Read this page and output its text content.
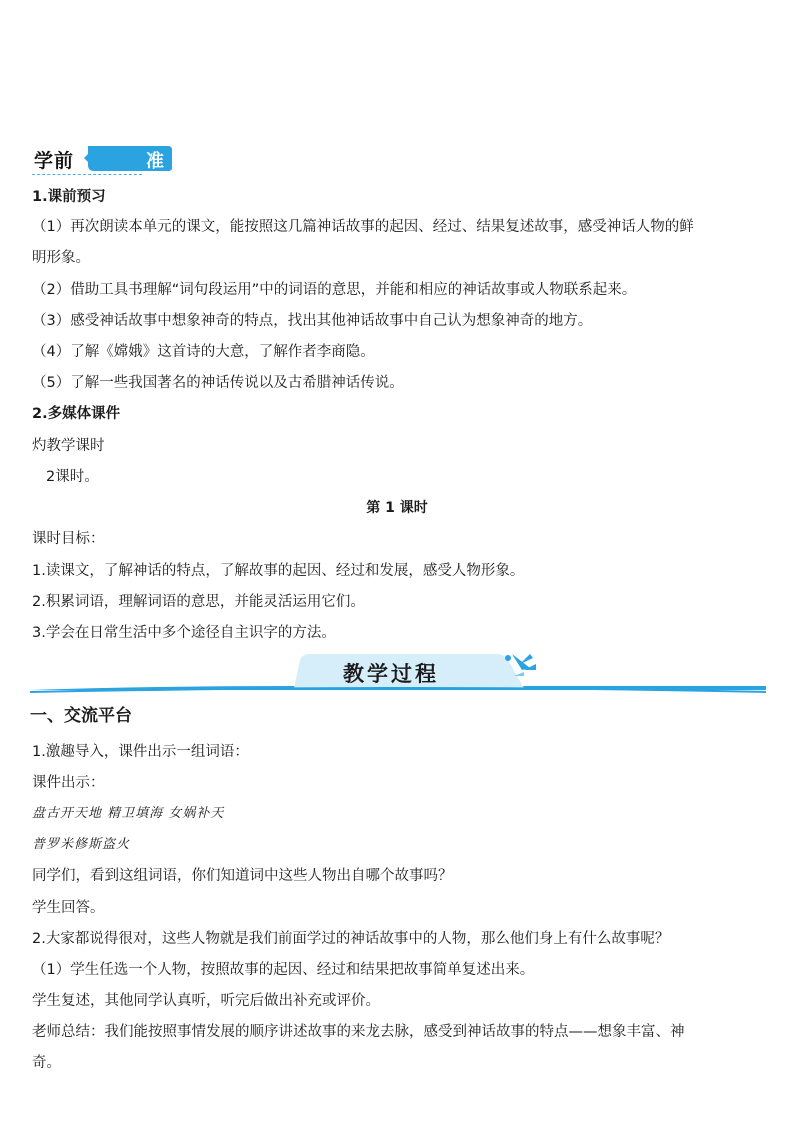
学前	准备
1.课前预习
（1）再次朗读本单元的课文，能按照这几篇神话故事的起因、经过、结果复述故事，感受神话人物的鲜
明形象。
（2）借助工具书理解“词句段运用”中的词语的意思，并能和相应的神话故事或人物联系起来。
（3）感受神话故事中想象神奇的特点，找出其他神话故事中自己认为想象神奇的地方。
（4）了解《嫦娥》这首诗的大意，了解作者李商隐。
（5）了解一些我国著名的神话传说以及古希腊神话传说。
2.多媒体课件
灼教学课时
2课时。
第 1 课时
课时目标：
1.读课文，了解神话的特点，了解故事的起因、经过和发展，感受人物形象。
2.积累词语，理解词语的意思，并能灵活运用它们。
3.学会在日常生活中多个途径自主识字的方法。
教学过程
一、交流平台
1.激趣导入，课件出示一组词语：
课件出示：
盘古开天地 精卫填海 女娲补天
普罗米修斯盗火
同学们，看到这组词语，你们知道词中这些人物出自哪个故事吗？
学生回答。
2.大家都说得很对，这些人物就是我们前面学过的神话故事中的人物，那么他们身上有什么故事呢？
（1）学生任选一个人物，按照故事的起因、经过和结果把故事简单复述出来。
学生复述，其他同学认真听，听完后做出补充或评价。
老师总结：我们能按照事情发展的顺序讲述故事的来龙去脉，感受到神话故事的特点——想象丰富、神
奇。
